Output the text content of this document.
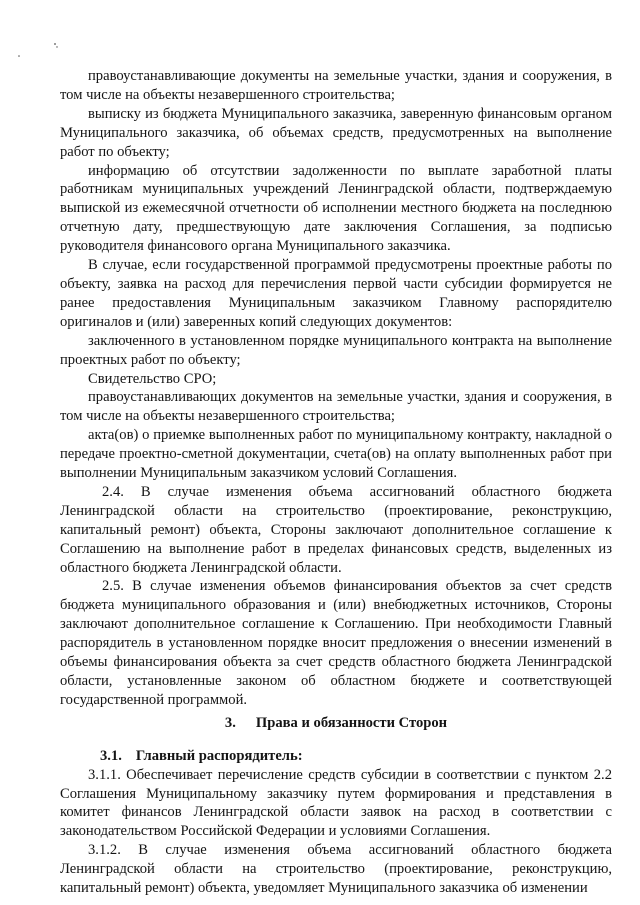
правоустанавливающие документы на земельные участки, здания и сооружения, в том числе на объекты незавершенного строительства;

выписку из бюджета Муниципального заказчика, заверенную финансовым органом Муниципального заказчика, об объемах средств, предусмотренных на выполнение работ по объекту;

информацию об отсутствии задолженности по выплате заработной платы работникам муниципальных учреждений Ленинградской области, подтверждаемую выпиской из ежемесячной отчетности об исполнении местного бюджета на последнюю отчетную дату, предшествующую дате заключения Соглашения, за подписью руководителя финансового органа Муниципального заказчика.

В случае, если государственной программой предусмотрены проектные работы по объекту, заявка на расход для перечисления первой части субсидии формируется не ранее предоставления Муниципальным заказчиком Главному распорядителю оригиналов и (или) заверенных копий следующих документов:

заключенного в установленном порядке муниципального контракта на выполнение проектных работ по объекту;

Свидетельство СРО;

правоустанавливающих документов на земельные участки, здания и сооружения, в том числе на объекты незавершенного строительства;

акта(ов) о приемке выполненных работ по муниципальному контракту, накладной о передаче проектно-сметной документации, счета(ов) на оплату выполненных работ при выполнении Муниципальным заказчиком условий Соглашения.

2.4. В случае изменения объема ассигнований областного бюджета Ленинградской области на строительство (проектирование, реконструкцию, капитальный ремонт) объекта, Стороны заключают дополнительное соглашение к Соглашению на выполнение работ в пределах финансовых средств, выделенных из областного бюджета Ленинградской области.

2.5. В случае изменения объемов финансирования объектов за счет средств бюджета муниципального образования и (или) внебюджетных источников, Стороны заключают дополнительное соглашение к Соглашению. При необходимости Главный распорядитель в установленном порядке вносит предложения о внесении изменений в объемы финансирования объекта за счет средств областного бюджета Ленинградской области, установленные законом об областном бюджете и соответствующей государственной программой.

3. Права и обязанности Сторон

3.1. Главный распорядитель:

3.1.1. Обеспечивает перечисление средств субсидии в соответствии с пунктом 2.2 Соглашения Муниципальному заказчику путем формирования и представления в комитет финансов Ленинградской области заявок на расход в соответствии с законодательством Российской Федерации и условиями Соглашения.

3.1.2. В случае изменения объема ассигнований областного бюджета Ленинградской области на строительство (проектирование, реконструкцию, капитальный ремонт) объекта, уведомляет Муниципального заказчика об изменении
